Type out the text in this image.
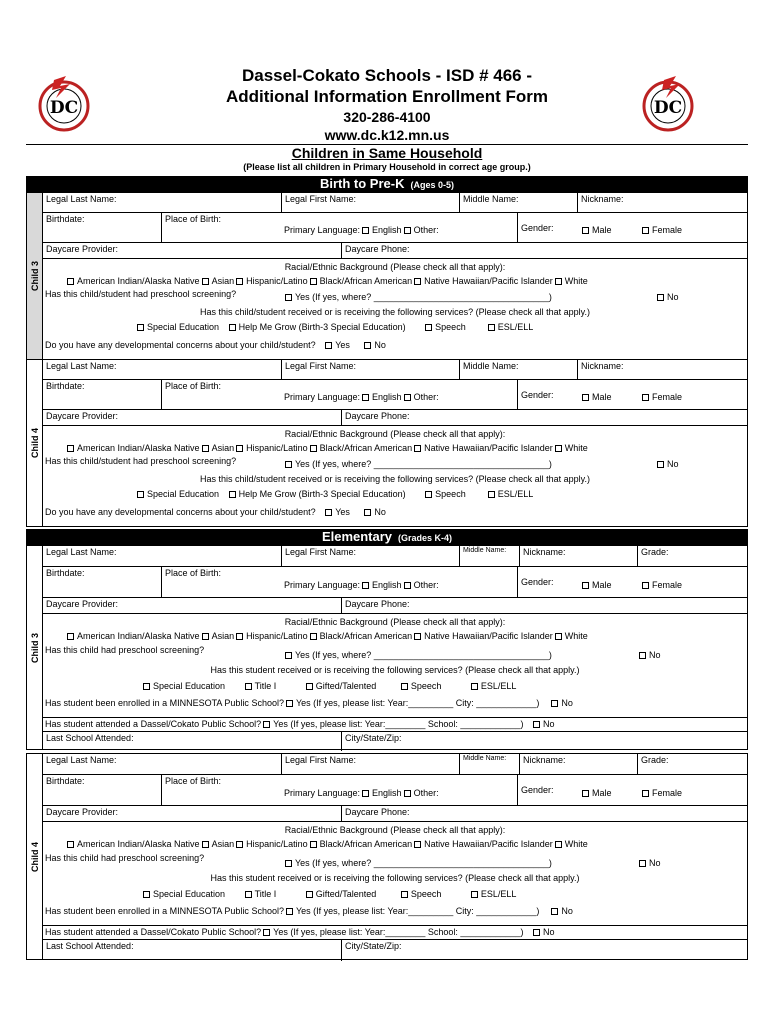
DC	DC
Dassel-Cokato Schools - ISD # 466 -
Additional Information Enrollment Form
320-286-4100
www.dc.k12.mn.us
Children in Same Household
(Please list all children in Primary Household in correct age group.)
Birth to Pre-K (Ages 0-5)
Child 3
Legal Last Name:	Legal First Name:	Middle Name:	Nickname:
Birthdate:	Place of Birth:
Primary Language: English Other:	Gender:	Male	Female
Daycare Provider:	Daycare Phone:
Racial/Ethnic Background (Please check all that apply):
American Indian/Alaska Native Asian Hispanic/Latino Black/African American Native Hawaiian/Pacific Islander White
Has this child/student had preschool screening?	Yes (If yes, where? ___________________________________)	No
Has this child/student received or is receiving the following services? (Please check all that apply.)
Special Education Help Me Grow (Birth-3 Special Education)	Speech	ESL/ELL
Do you have any developmental concerns about your child/student? Yes	No
Child 4
Legal Last Name:	Legal First Name:	Middle Name:	Nickname:
Birthdate:	Place of Birth:
Primary Language: English Other:	Gender:	Male	Female
Daycare Provider:	Daycare Phone:
Racial/Ethnic Background (Please check all that apply):
American Indian/Alaska Native Asian Hispanic/Latino Black/African American Native Hawaiian/Pacific Islander White
Has this child/student had preschool screening?	Yes (If yes, where? ___________________________________)	No
Has this child/student received or is receiving the following services? (Please check all that apply.)
Special Education Help Me Grow (Birth-3 Special Education)	Speech	ESL/ELL
Do you have any developmental concerns about your child/student? Yes	No
Elementary (Grades K-4)
Child 3
Legal Last Name:	Legal First Name:	Middle Name:	Nickname:	Grade:
Birthdate:	Place of Birth:
Primary Language: English Other:	Gender:	Male	Female
Daycare Provider:	Daycare Phone:
Racial/Ethnic Background (Please check all that apply):
American Indian/Alaska Native Asian Hispanic/Latino Black/African American Native Hawaiian/Pacific Islander White
Has this child had preschool screening?	Yes (If yes, where? ___________________________________)	No
Has this student received or is receiving the following services? (Please check all that apply.)
Special Education	Title I	Gifted/Talented	Speech	ESL/ELL
Has student been enrolled in a MINNESOTA Public School? Yes (If yes, please list: Year:_________ City: ____________) No
Has student attended a Dassel/Cokato Public School? Yes (If yes, please list: Year:________ School: ____________) No
Last School Attended:	City/State/Zip:
Child 4
Legal Last Name:	Legal First Name:	Middle Name:	Nickname:	Grade:
Birthdate:	Place of Birth:
Primary Language: English Other:	Gender:	Male	Female
Daycare Provider:	Daycare Phone:
Racial/Ethnic Background (Please check all that apply):
American Indian/Alaska Native Asian Hispanic/Latino Black/African American Native Hawaiian/Pacific Islander White
Has this child had preschool screening?	Yes (If yes, where? ___________________________________)	No
Has this student received or is receiving the following services? (Please check all that apply.)
Special Education	Title I	Gifted/Talented	Speech	ESL/ELL
Has student been enrolled in a MINNESOTA Public School? Yes (If yes, please list: Year:_________ City: ____________) No
Has student attended a Dassel/Cokato Public School? Yes (If yes, please list: Year:________ School: ____________) No
Last School Attended:	City/State/Zip:
